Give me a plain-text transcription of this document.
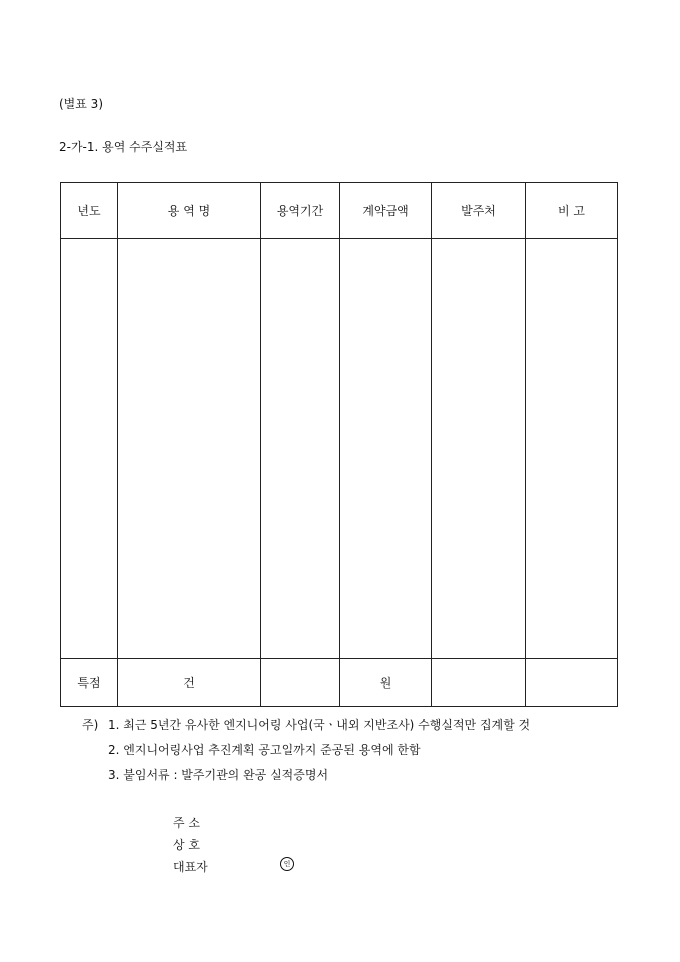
(별표 3)
2-가-1. 용역 수주실적표
년도	용 역 명	용역기간	계약금액	발주처	비 고

특점	건		원		
주) 1. 최근 5년간 유사한 엔지니어링 사업(국ㆍ내외 지반조사) 수행실적만 집계할 것
2. 엔지니어링사업 추진계획 공고일까지 준공된 용역에 한함
3. 붙임서류 : 발주기관의 완공 실적증명서
주 소
상 호
대표자	인
